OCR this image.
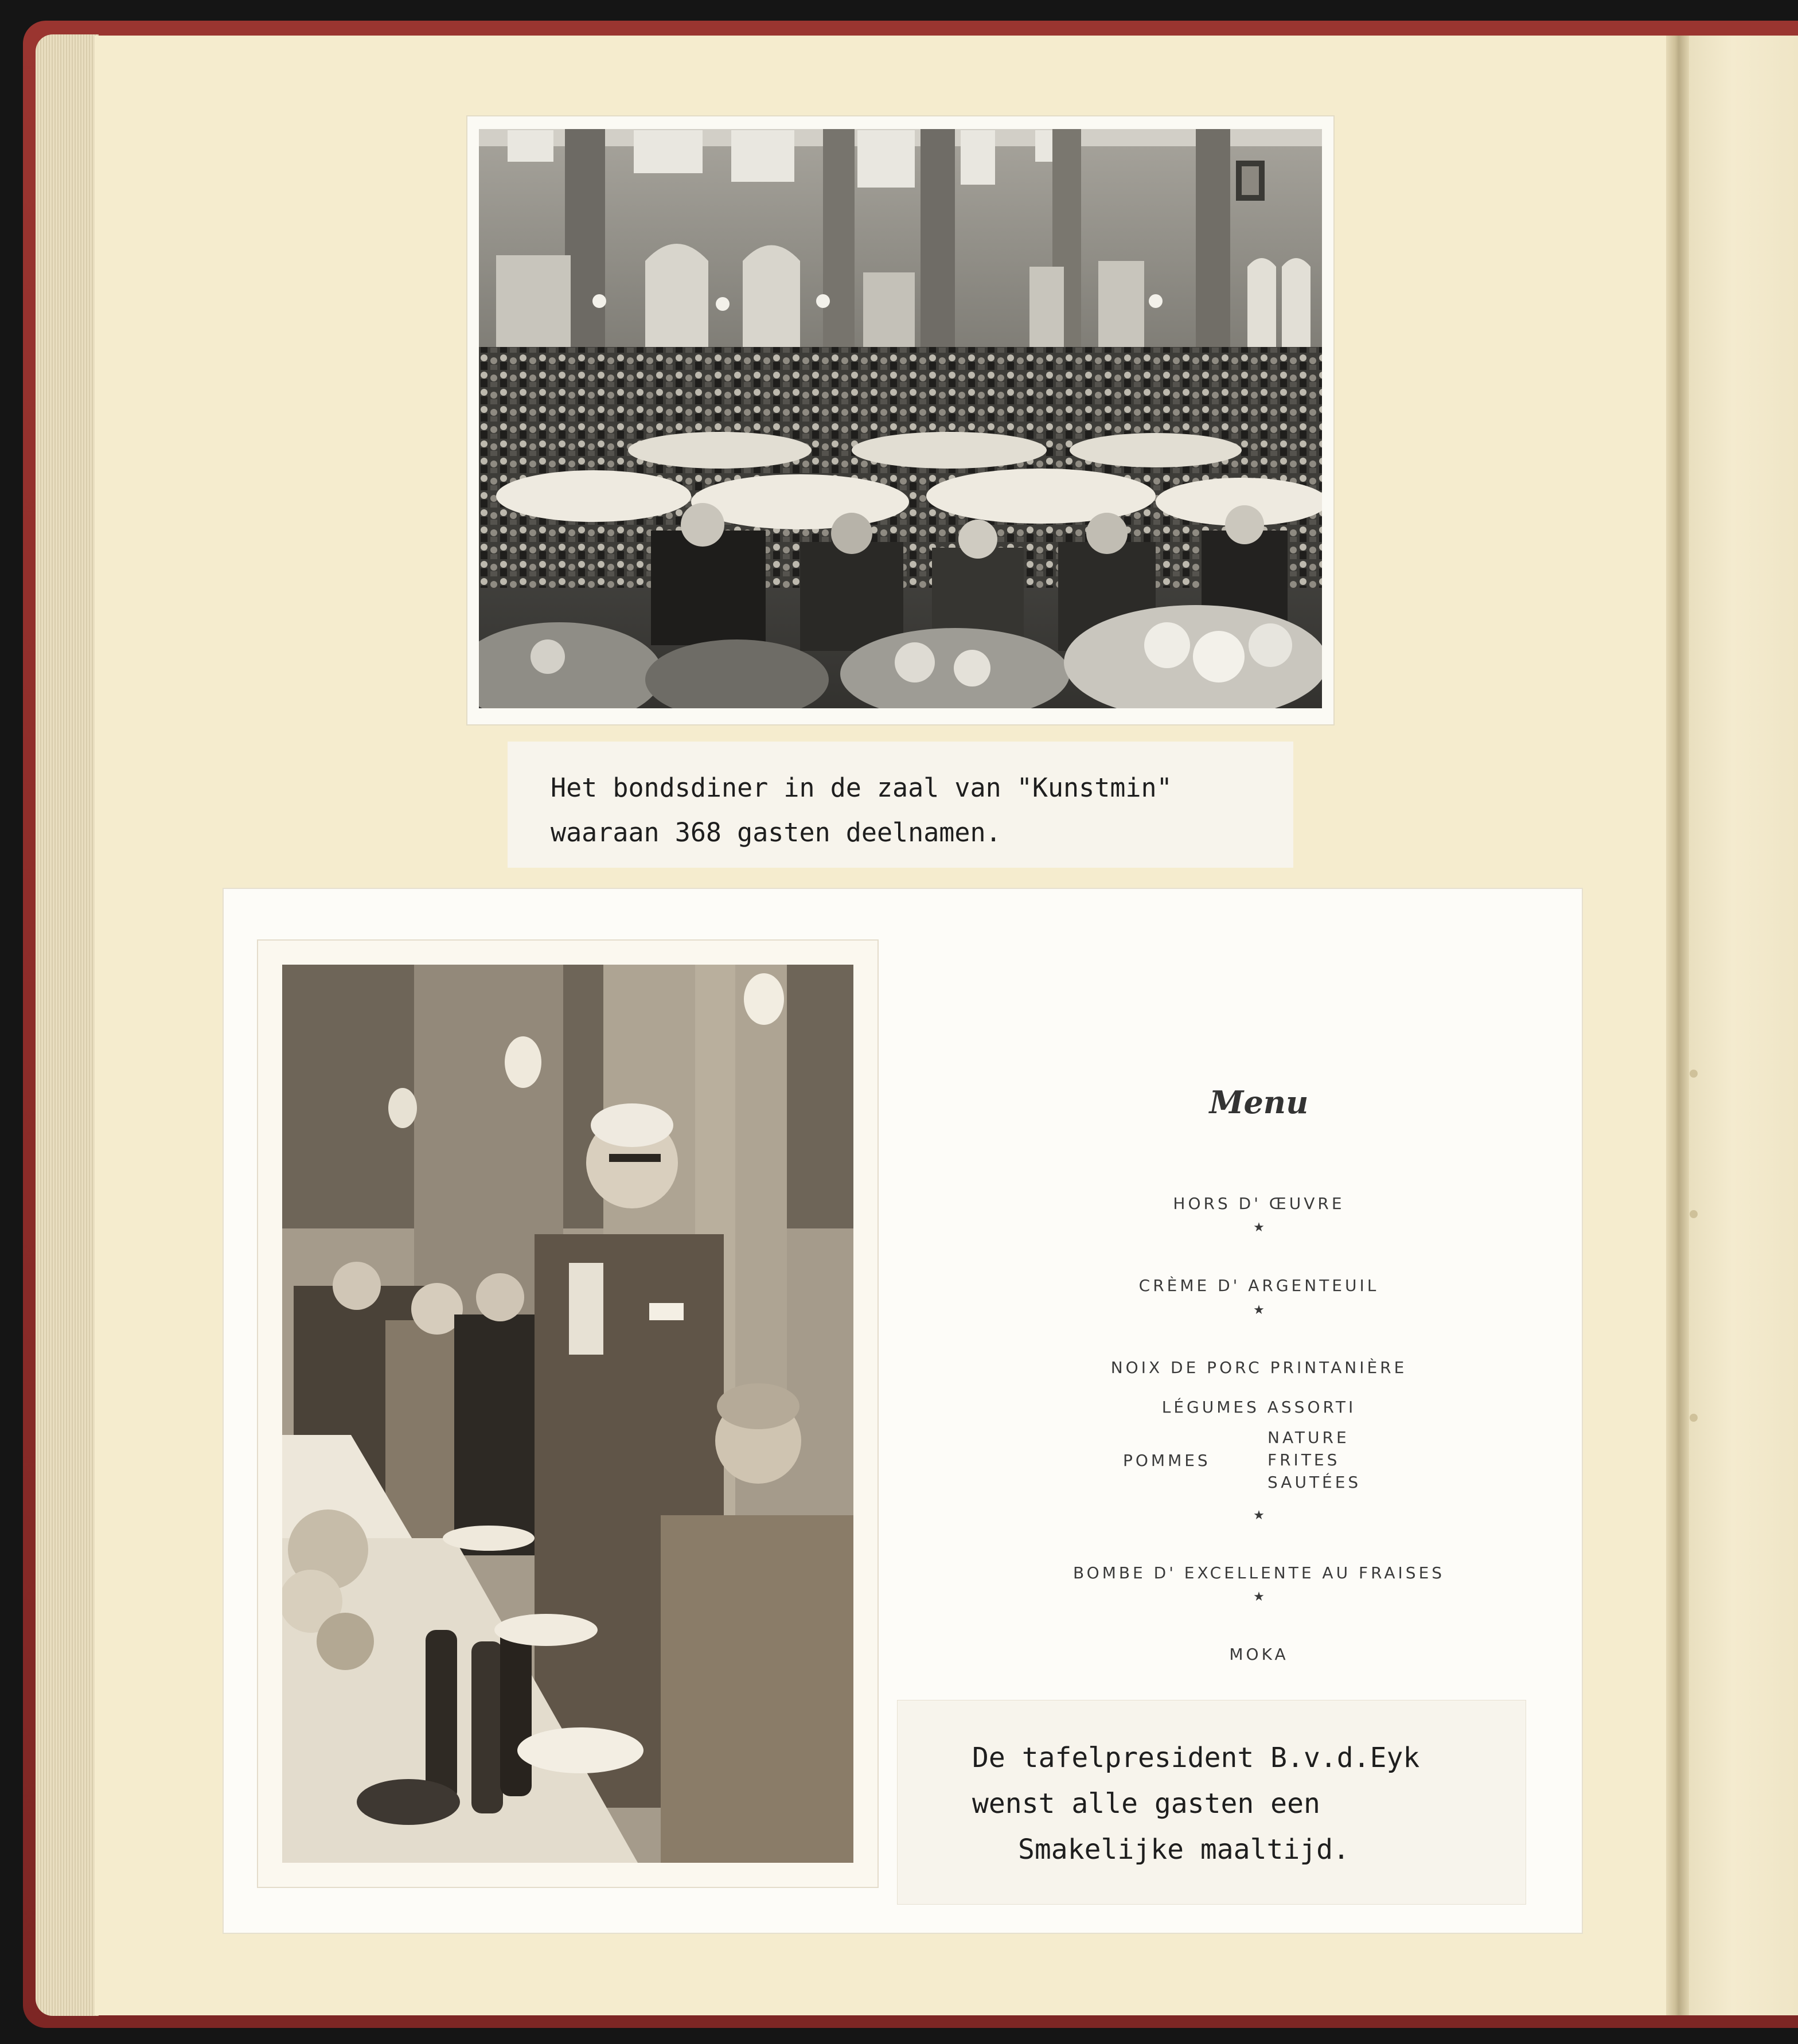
Het bondsdiner in de zaal van "Kunstmin"
waaraan 368 gasten deelnamen.
Menu
HORS D' ŒUVRE
★
CRÈME D' ARGENTEUIL
★
NOIX DE PORC PRINTANIÈRE
LÉGUMES ASSORTI
POMMES
NATURE
FRITES
SAUTÉES
★
BOMBE D' EXCELLENTE AU FRAISES
★
MOKA
De tafelpresident B.v.d.Eyk
wenst alle gasten een
Smakelijke maaltijd.
